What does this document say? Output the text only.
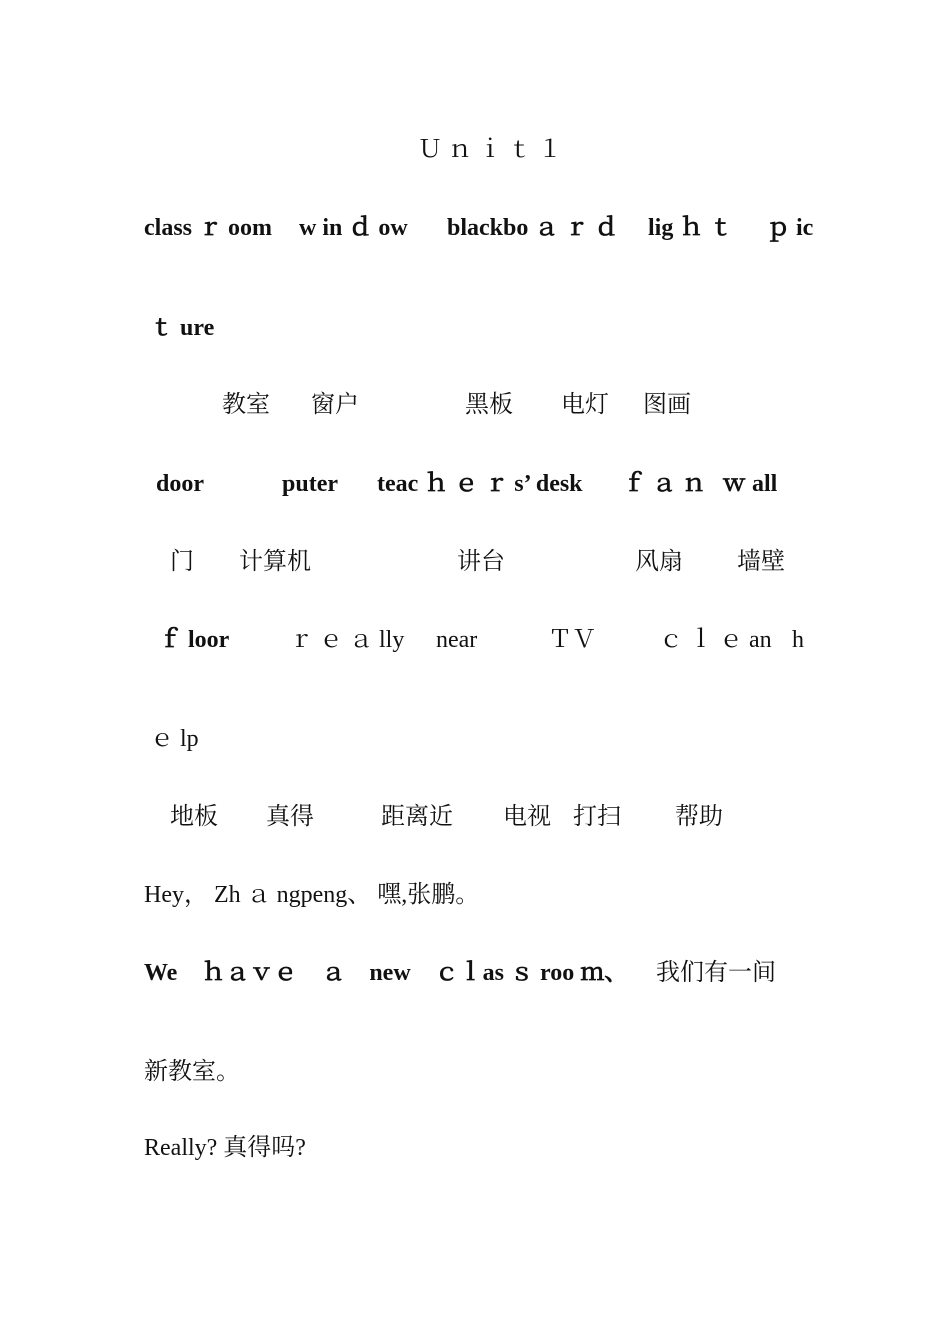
Ｕｎｉｔ１
class ｒ oom w in ｄ ow blackbo ａ ｒ ｄ lig ｈ ｔ ｐ ic
ｔ ure
教室 窗户	黑板 电灯 图画
door	puter teac ｈ ｅ ｒ s’ desk ｆ ａ ｎ ｗ all
门 计算机	讲台	风扇 墙壁
ｆ loor ｒ ｅ ａ lly near	ＴＶ	ｃ ｌ ｅ an h
ｅ lp
地板 真得	距离近 电视 打扫 帮助
Hey， Zh ａ ngpeng、 嘿,张鹏。
We　ｈａｖｅ　ａ　new　ｃｌas ｓ roo ｍ、 我们有一间
新教室。
Really? 真得吗?
